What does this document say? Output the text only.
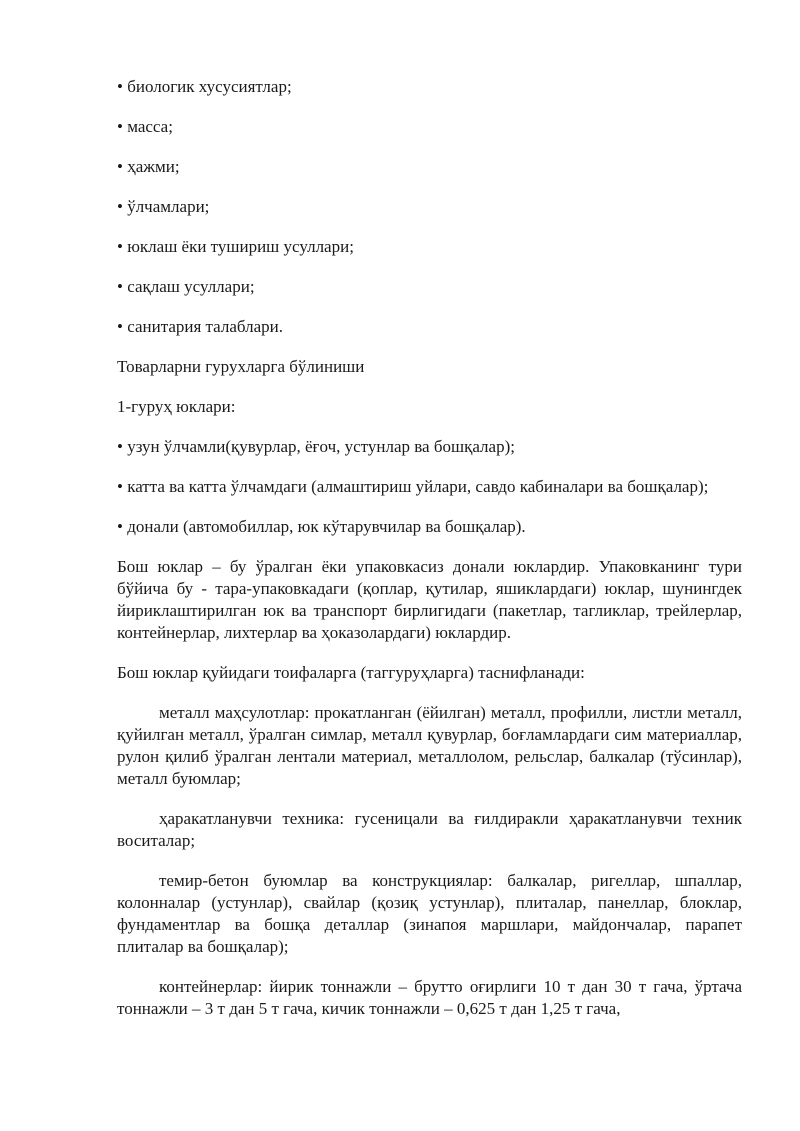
• биологик хусусиятлар;

• масса;

• ҳажми;

• ўлчамлари;

• юклаш ёки тушириш усуллари;

• сақлаш усуллари;

• санитария талаблари.

Товарларни гурухларга бўлиниши

1-гуруҳ юклари:

• узун ўлчамли(қувурлар, ёғоч, устунлар ва бошқалар);

• катта ва катта ўлчамдаги (алмаштириш уйлари, савдо кабиналари ва бошқалар);

• донали (автомобиллар, юк кўтарувчилар ва бошқалар).

Бош юклар – бу ўралган ёки упаковкасиз донали юклардир. Упаковканинг тури бўйича бу - тара-упаковкадаги (қоплар, қутилар, яшиклардаги) юклар, шунингдек йириклаштирилган юк ва транспорт бирлигидаги (пакетлар, тагликлар, трейлерлар, контейнерлар, лихтерлар ва ҳоказолардаги) юклардир.

Бош юклар қуйидаги тоифаларга (таггуруҳларга) таснифланади:

металл маҳсулотлар: прокатланган (ёйилган) металл, профилли, листли металл, қуйилган металл, ўралган симлар, металл қувурлар, боғламлардаги сим материаллар, рулон қилиб ўралган лентали материал, металлолом, рельслар, балкалар (тўсинлар), металл буюмлар;

ҳаракатланувчи техника: гусеницали ва ғилдиракли ҳаракатланувчи техник воситалар;

темир-бетон буюмлар ва конструкциялар: балкалар, ригеллар, шпаллар, колонналар (устунлар), свайлар (қозиқ устунлар), плиталар, панеллар, блоклар, фундаментлар ва бошқа деталлар (зинапоя маршлари, майдончалар, парапет плиталар ва бошқалар);

контейнерлар: йирик тоннажли – брутто оғирлиги 10 т дан 30 т гача, ўртача тоннажли – 3 т дан 5 т гача, кичик тоннажли – 0,625 т дан 1,25 т гача,
